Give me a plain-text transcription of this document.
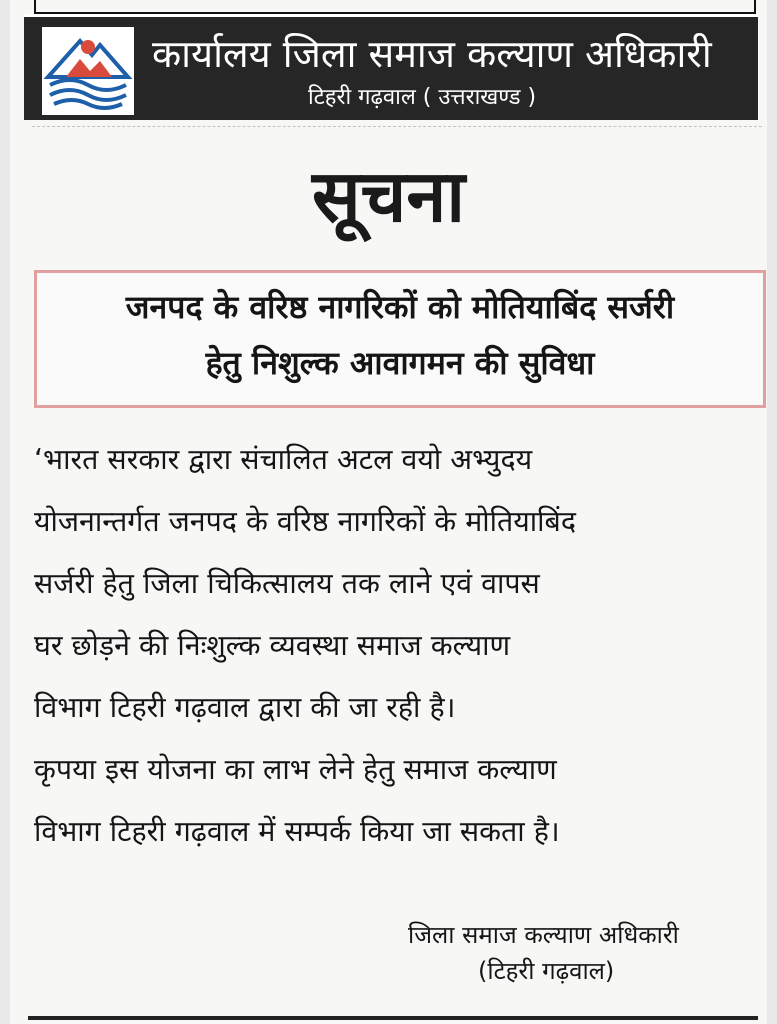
कार्यालय जिला समाज कल्याण अधिकारी
टिहरी गढ़वाल ( उत्तराखण्ड )
सूचना
जनपद के वरिष्ठ नागरिकों को मोतियाबिंद सर्जरी
हेतु निशुल्क आवागमन की सुविधा
‘भारत सरकार द्वारा संचालित अटल वयो अभ्युदय
योजनान्तर्गत जनपद के वरिष्ठ नागरिकों के मोतियाबिंद
सर्जरी हेतु जिला चिकित्सालय तक लाने एवं वापस
घर छोड़ने की निःशुल्क व्यवस्था समाज कल्याण
विभाग टिहरी गढ़वाल द्वारा की जा रही है।
कृपया इस योजना का लाभ लेने हेतु समाज कल्याण
विभाग टिहरी गढ़वाल में सम्पर्क किया जा सकता है।
जिला समाज कल्याण अधिकारी
(टिहरी गढ़वाल)
